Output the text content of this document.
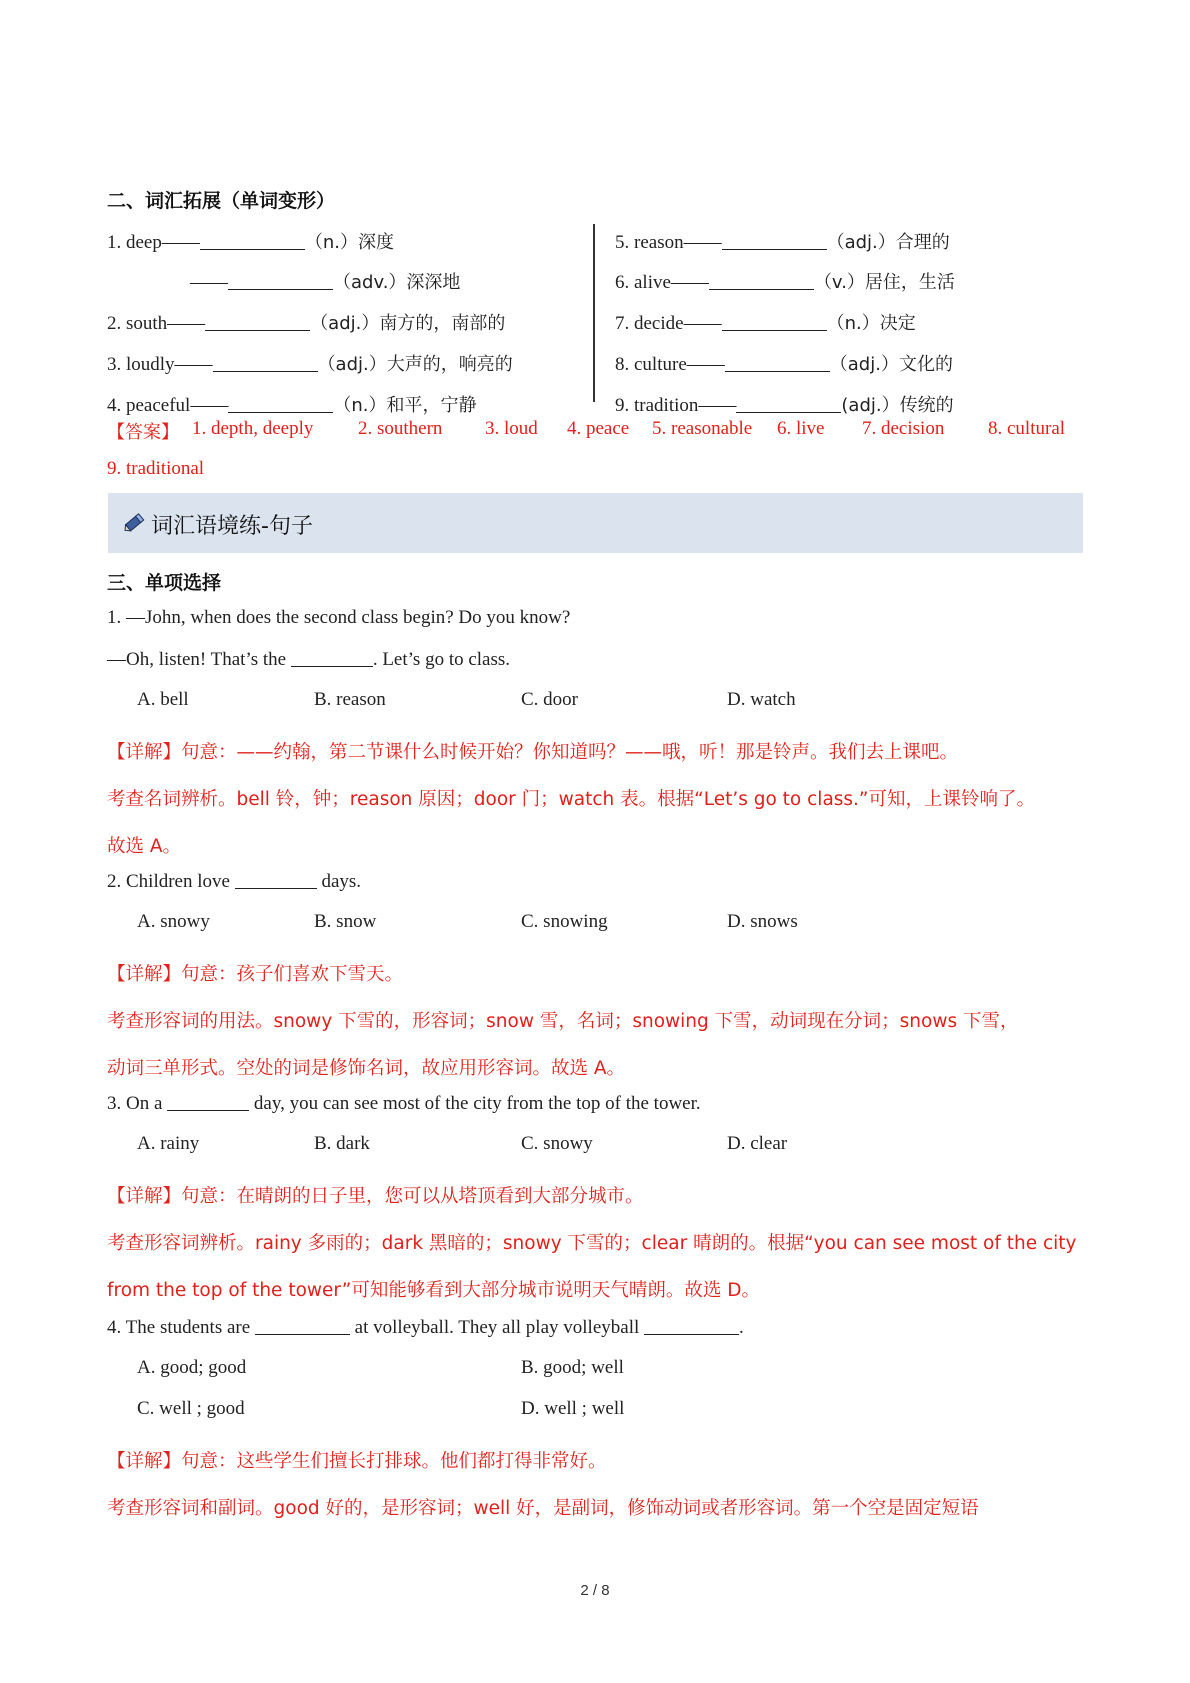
二、词汇拓展（单词变形）
1. deep——	（n.）深度
——	（adv.）深深地
2. south——	（adj.）南方的，南部的
3. loudly——	（adj.）大声的，响亮的
4. peaceful——	（n.）和平，宁静
5. reason——	（adj.）合理的
6. alive——	（v.）居住，生活
7. decide——	（n.）决定
8. culture——	（adj.）文化的
9. tradition——	(adj.）传统的
【答案】 1. depth, deeply 2. southern 3. loud 4. peace 5. reasonable 6. live 7. decision 8. cultural
9. traditional
词汇语境练-句子
三、单项选择
1. —John, when does the second class begin? Do you know?
—Oh, listen! That’s the	. Let’s go to class.
A. bell	B. reason	C. door	D. watch
【详解】句意：——约翰，第二节课什么时候开始？你知道吗？——哦，听！那是铃声。我们去上课吧。
考查名词辨析。bell 铃，钟；reason 原因；door 门；watch 表。根据“Let’s go to class.”可知，上课铃响了。
故选 A。
2. Children love	days.
A. snowy	B. snow	C. snowing	D. snows
【详解】句意：孩子们喜欢下雪天。
考查形容词的用法。snowy 下雪的，形容词；snow 雪，名词；snowing 下雪，动词现在分词；snows 下雪，
动词三单形式。空处的词是修饰名词，故应用形容词。故选 A。
3. On a	day, you can see most of the city from the top of the tower.
A. rainy	B. dark	C. snowy	D. clear
【详解】句意：在晴朗的日子里，您可以从塔顶看到大部分城市。
考查形容词辨析。rainy 多雨的；dark 黑暗的；snowy 下雪的；clear 晴朗的。根据“you can see most of the city
from the top of the tower”可知能够看到大部分城市说明天气晴朗。故选 D。
4. The students are	at volleyball. They all play volleyball	.
A. good; good	B. good; well
C. well ; good	D. well ; well
【详解】句意：这些学生们擅长打排球。他们都打得非常好。
考查形容词和副词。good 好的，是形容词；well 好，是副词，修饰动词或者形容词。第一个空是固定短语
2 / 8
